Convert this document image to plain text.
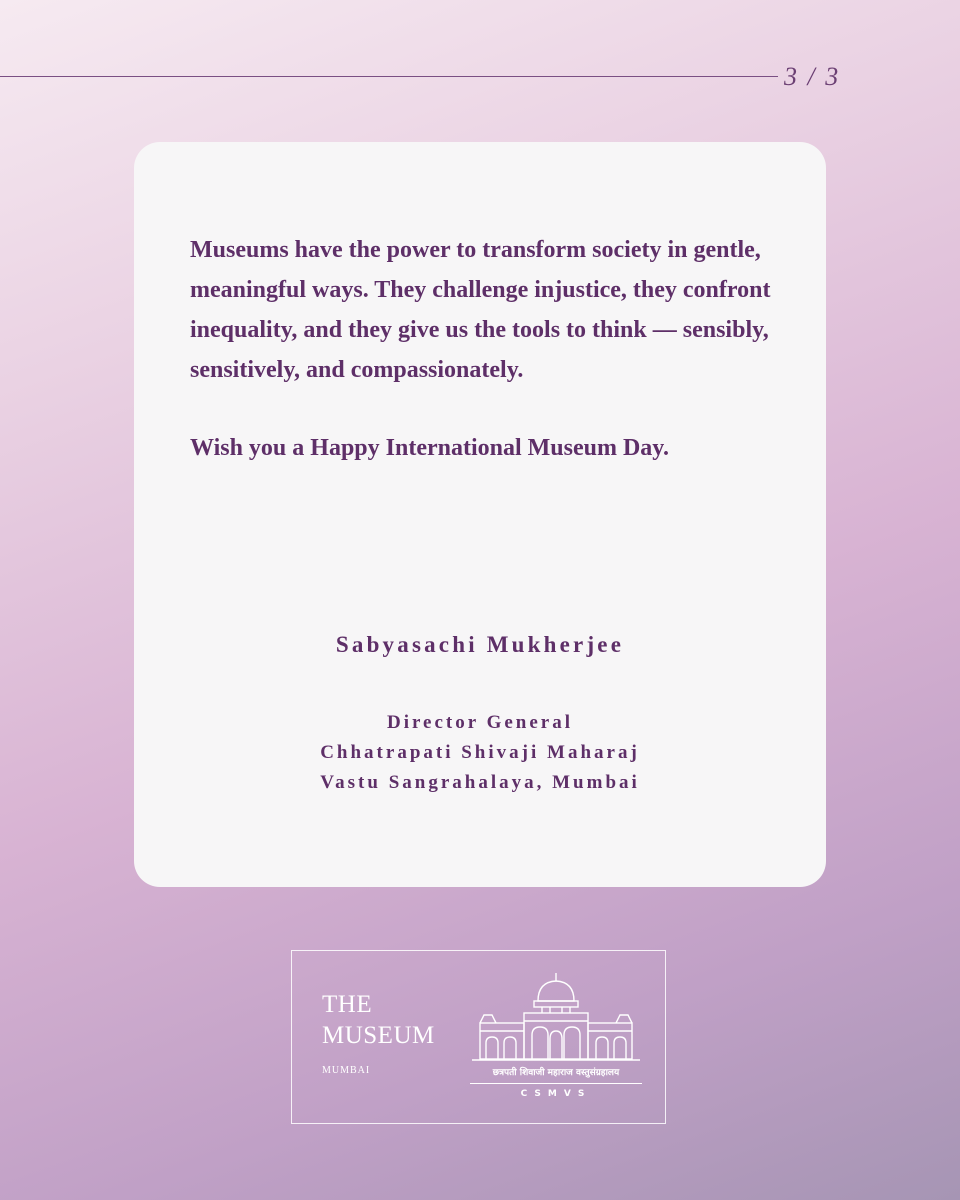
3 / 3

Museums have the power to transform society in gentle, meaningful ways. They challenge injustice, they confront inequality, and they give us the tools to think — sensibly, sensitively, and compassionately.

Wish you a Happy International Museum Day.

Sabyasachi Mukherjee
Director General
Chhatrapati Shivaji Maharaj
Vastu Sangrahalaya, Mumbai
THE
MUSEUM
MUMBAI	छत्रपती शिवाजी महाराज वस्तुसंग्रहालय
CSMVS
